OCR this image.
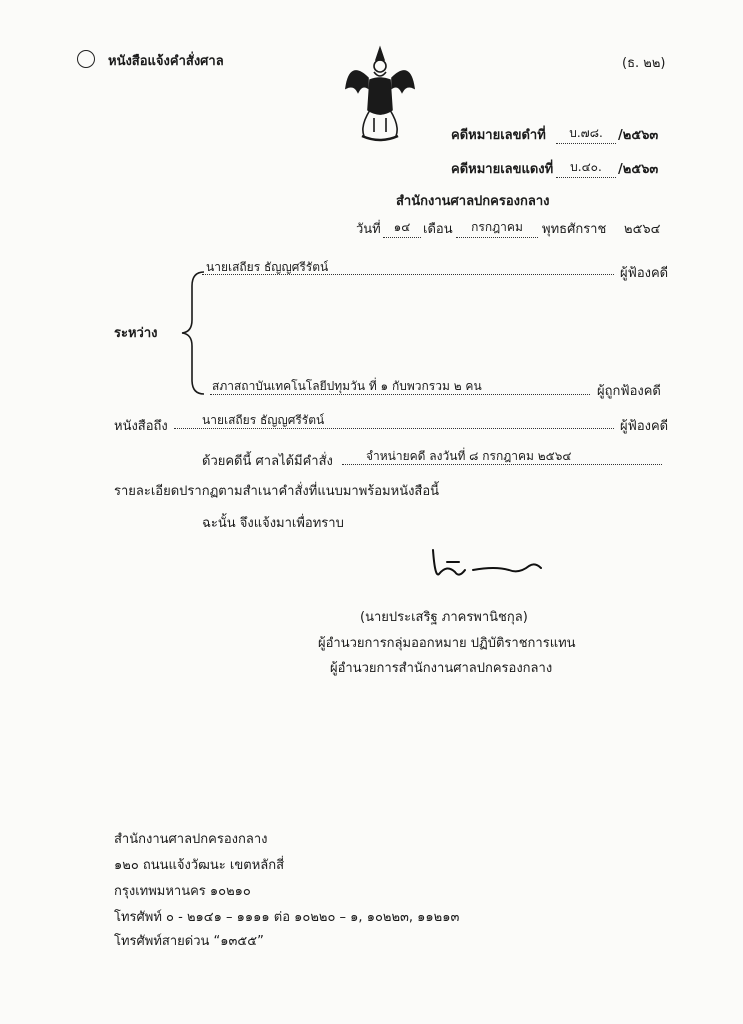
หนังสือแจ้งคำสั่งศาล	(ธ. ๒๒)
คดีหมายเลขดำที่	บ.๗๘.	/๒๕๖๓
คดีหมายเลขแดงที่	บ.๔๐.	/๒๕๖๓
สำนักงานศาลปกครองกลาง
วันที่	๑๔ เดือน	กรกฎาคม	พุทธศักราช ๒๕๖๔
นายเสถียร ธัญญศรีรัตน์	ผู้ฟ้องคดี
ระหว่าง
สภาสถาบันเทคโนโลยีปทุมวัน ที่ ๑ กับพวกรวม ๒ คน	ผู้ถูกฟ้องคดี
หนังสือถึง	นายเสถียร ธัญญศรีรัตน์	ผู้ฟ้องคดี
ด้วยคดีนี้ ศาลได้มีคำสั่ง	จำหน่ายคดี ลงวันที่ ๘ กรกฎาคม ๒๕๖๔
รายละเอียดปรากฏตามสำเนาคำสั่งที่แนบมาพร้อมหนังสือนี้
ฉะนั้น จึงแจ้งมาเพื่อทราบ
(นายประเสริฐ ภาครพานิชกุล)
ผู้อำนวยการกลุ่มออกหมาย ปฏิบัติราชการแทน
ผู้อำนวยการสำนักงานศาลปกครองกลาง
สำนักงานศาลปกครองกลาง
๑๒๐ ถนนแจ้งวัฒนะ เขตหลักสี่
กรุงเทพมหานคร ๑๐๒๑๐
โทรศัพท์ ๐ - ๒๑๔๑ – ๑๑๑๑ ต่อ ๑๐๒๒๐ – ๑, ๑๐๒๒๓, ๑๑๒๑๓
โทรศัพท์สายด่วน “๑๓๕๕”
